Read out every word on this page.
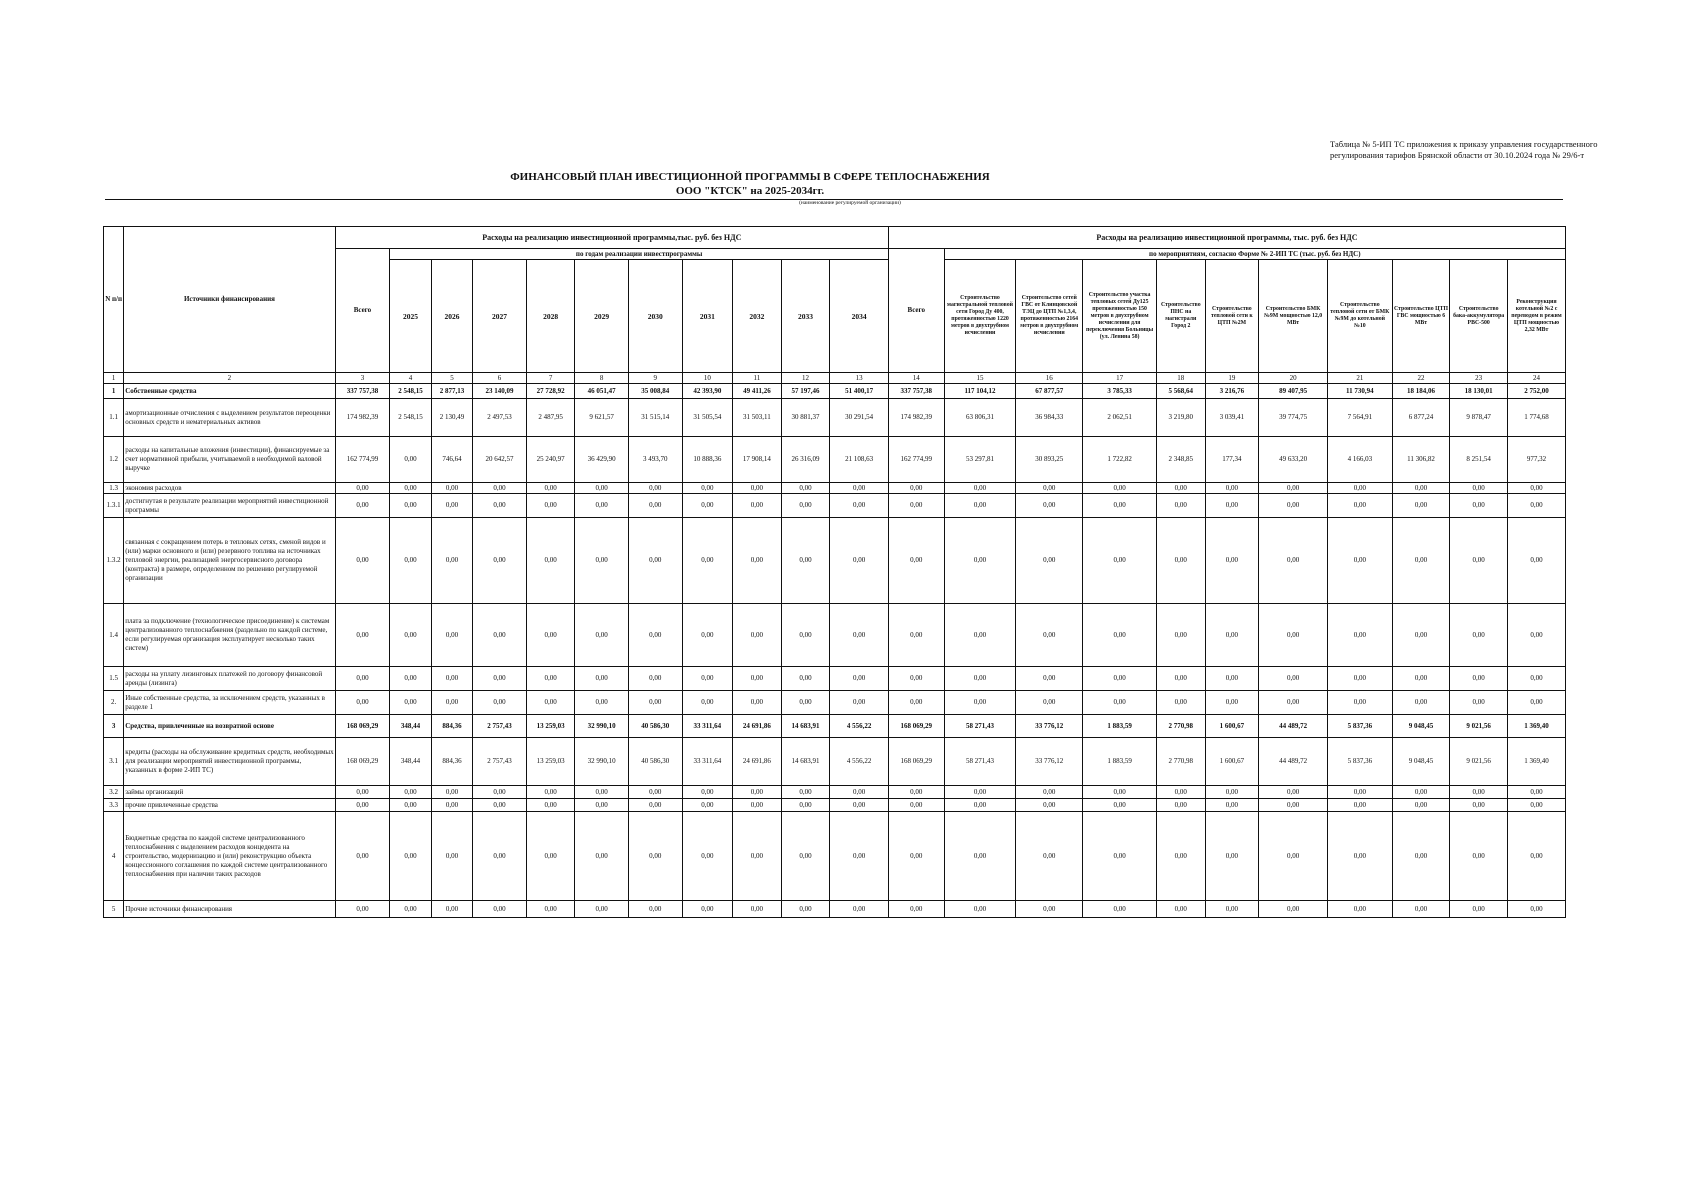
Таблица № 5-ИП ТС приложения к приказу управления государственного регулирования тарифов Брянской области от 30.10.2024 года № 29/6-т
ФИНАНСОВЫЙ ПЛАН ИВЕСТИЦИОННОЙ ПРОГРАММЫ В СФЕРЕ ТЕПЛОСНАБЖЕНИЯ
ООО "КТСК" на 2025-2034гг.
(наименование регулируемой организации)
N п/п	Источники финансирования	Расходы на реализацию инвестиционной программы,тыс. руб. без НДС											Расходы на реализацию инвестиционной программы, тыс. руб. без НДС										
		Всего	по годам реализации инвестпрограммы										Всего	по мероприятиям, согласно Форме № 2-ИП ТС (тыс. руб. без НДС)									
			2025	2026	2027	2028	2029	2030	2031	2032	2033	2034		Строительство магистральной тепловой сети Город Ду 400, протяженностью 1220 метров в двухтрубном исчислении	Строительство сетей ГВС от Клинцовской ТЭЦ до ЦТП №1,3,4, протяженностью 2164 метров в двухтрубном исчислении	Строительство участка тепловых сетей Ду125 протяженностью 150 метров в двухтрубном исчислении для переключения Больницы (ул. Ленина 58)	Строительство ПНС на магистрали Город 2	Строительство тепловой сети к ЦТП №2М	Строительство БМК №9М мощностью 12,0 МВт	Строительство тепловой сети от БМК №9М до котельной №10	Строительство ЦТП ГВС мощностью 6 МВт	Строительство бака-аккумулятора РВС-500	Реконструкция котельной №2 с переводом в режим ЦТП мощностью 2,32 МВт
1	2	3	4	5	6	7	8	9	10	11	12	13	14	15	16	17	18	19	20	21	22	23	24
1	Собственные средства	337 757,38	2 548,15	2 877,13	23 140,09	27 728,92	46 051,47	35 008,84	42 393,90	49 411,26	57 197,46	51 400,17	337 757,38	117 104,12	67 877,57	3 785,33	5 568,64	3 216,76	89 407,95	11 730,94	18 184,06	18 130,01	2 752,00
1.1	амортизационные отчисления с выделением результатов переоценки основных средств и нематериальных активов	174 982,39	2 548,15	2 130,49	2 497,53	2 487,95	9 621,57	31 515,14	31 505,54	31 503,11	30 881,37	30 291,54	174 982,39	63 806,31	36 984,33	2 062,51	3 219,80	3 039,41	39 774,75	7 564,91	6 877,24	9 878,47	1 774,68
1.2	расходы на капитальные вложения (инвестиции), финансируемые за счет нормативной прибыли, учитываемой в необходимой валовой выручке	162 774,99	0,00	746,64	20 642,57	25 240,97	36 429,90	3 493,70	10 888,36	17 908,14	26 316,09	21 108,63	162 774,99	53 297,81	30 893,25	1 722,82	2 348,85	177,34	49 633,20	4 166,03	11 306,82	8 251,54	977,32
1.3	экономия расходов	0,00	0,00	0,00	0,00	0,00	0,00	0,00	0,00	0,00	0,00	0,00	0,00	0,00	0,00	0,00	0,00	0,00	0,00	0,00	0,00	0,00	0,00
1.3.1	достигнутая в результате реализации мероприятий инвестиционной программы	0,00	0,00	0,00	0,00	0,00	0,00	0,00	0,00	0,00	0,00	0,00	0,00	0,00	0,00	0,00	0,00	0,00	0,00	0,00	0,00	0,00	0,00
1.3.2	связанная с сокращением потерь в тепловых сетях, сменой видов и (или) марки основного и (или) резервного топлива на источниках тепловой энергии, реализацией энергосервисного договора (контракта) в размере, определенном по решению регулируемой организации	0,00	0,00	0,00	0,00	0,00	0,00	0,00	0,00	0,00	0,00	0,00	0,00	0,00	0,00	0,00	0,00	0,00	0,00	0,00	0,00	0,00	0,00
1.4	плата за подключение (технологическое присоединение) к системам централизованного теплоснабжения (раздельно по каждой системе, если регулируемая организация эксплуатирует несколько таких систем)	0,00	0,00	0,00	0,00	0,00	0,00	0,00	0,00	0,00	0,00	0,00	0,00	0,00	0,00	0,00	0,00	0,00	0,00	0,00	0,00	0,00	0,00
1.5	расходы на уплату лизинговых платежей по договору финансовой аренды (лизинга)	0,00	0,00	0,00	0,00	0,00	0,00	0,00	0,00	0,00	0,00	0,00	0,00	0,00	0,00	0,00	0,00	0,00	0,00	0,00	0,00	0,00	0,00
2.	Иные собственные средства, за исключением средств, указанных в разделе 1	0,00	0,00	0,00	0,00	0,00	0,00	0,00	0,00	0,00	0,00	0,00	0,00	0,00	0,00	0,00	0,00	0,00	0,00	0,00	0,00	0,00	0,00
3	Средства, привлеченные на возвратной основе	168 069,29	348,44	884,36	2 757,43	13 259,03	32 990,10	40 586,30	33 311,64	24 691,86	14 683,91	4 556,22	168 069,29	58 271,43	33 776,12	1 883,59	2 770,98	1 600,67	44 489,72	5 837,36	9 048,45	9 021,56	1 369,40
3.1	кредиты (расходы на обслуживание кредитных средств, необходимых для реализации мероприятий инвестиционной программы, указанных в форме 2-ИП ТС)	168 069,29	348,44	884,36	2 757,43	13 259,03	32 990,10	40 586,30	33 311,64	24 691,86	14 683,91	4 556,22	168 069,29	58 271,43	33 776,12	1 883,59	2 770,98	1 600,67	44 489,72	5 837,36	9 048,45	9 021,56	1 369,40
3.2	займы организаций	0,00	0,00	0,00	0,00	0,00	0,00	0,00	0,00	0,00	0,00	0,00	0,00	0,00	0,00	0,00	0,00	0,00	0,00	0,00	0,00	0,00	0,00
3.3	прочие привлеченные средства	0,00	0,00	0,00	0,00	0,00	0,00	0,00	0,00	0,00	0,00	0,00	0,00	0,00	0,00	0,00	0,00	0,00	0,00	0,00	0,00	0,00	0,00
4	Бюджетные средства по каждой системе централизованного теплоснабжения с выделением расходов концедента на строительство, модернизацию и (или) реконструкцию объекта концессионного соглашения по каждой системе централизованного теплоснабжения при наличии таких расходов	0,00	0,00	0,00	0,00	0,00	0,00	0,00	0,00	0,00	0,00	0,00	0,00	0,00	0,00	0,00	0,00	0,00	0,00	0,00	0,00	0,00	0,00
5	Прочие источники финансирования	0,00	0,00	0,00	0,00	0,00	0,00	0,00	0,00	0,00	0,00	0,00	0,00	0,00	0,00	0,00	0,00	0,00	0,00	0,00	0,00	0,00	0,00
